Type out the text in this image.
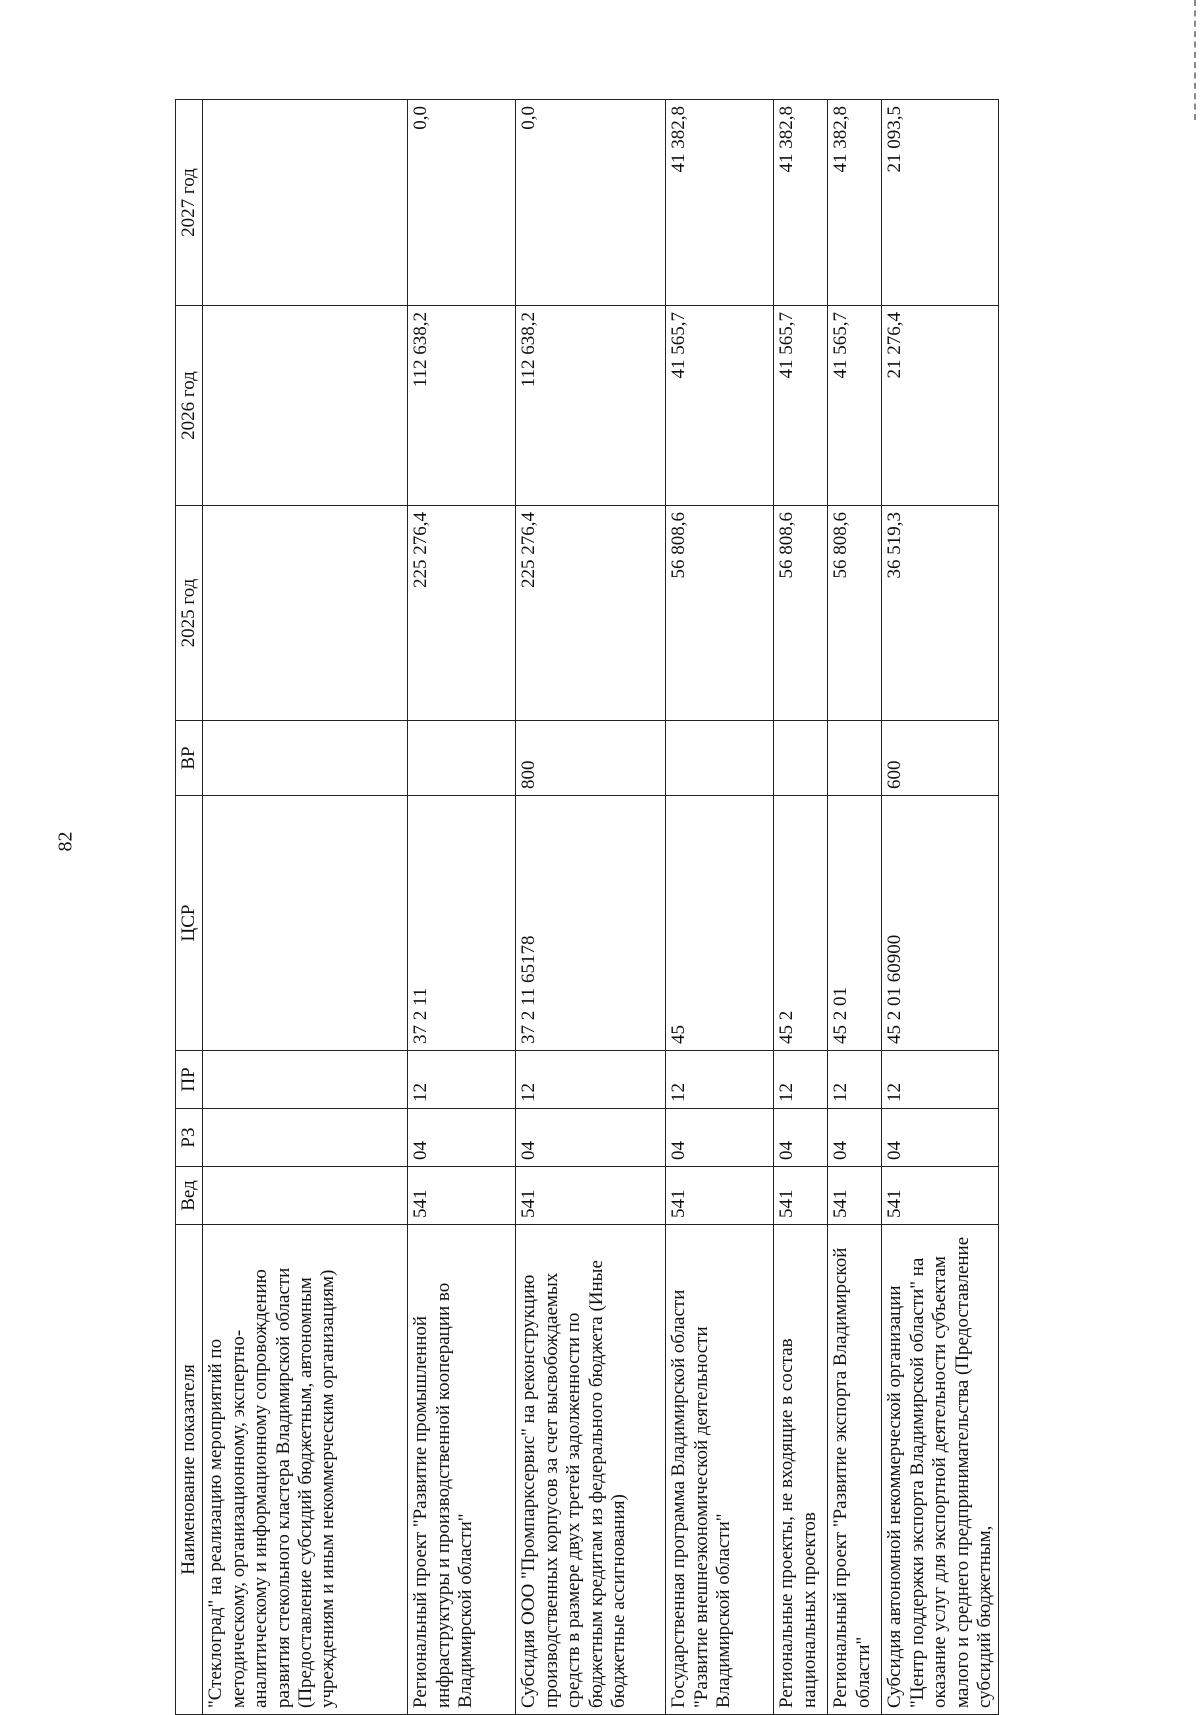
82
Наименование показателя	Вед	РЗ	ПР	ЦСР	ВР	2025 год	2026 год	2027 год
"Стеклоград" на реализацию мероприятий по методическому, организационному, экспертно-аналитическому и информационному сопровождению развития стекольного кластера Владимирской области (Предоставление субсидий бюджетным, автономным учреждениям и иным некоммерческим организациям)								
Региональный проект "Развитие промышленной инфраструктуры и производственной кооперации во Владимирской области"	541	04	12	37 2 11		225 276,4	112 638,2	0,0
Субсидия ООО "Промпарксервис" на реконструкцию производственных корпусов за счет высвобождаемых средств в размере двух третей задолженности по бюджетным кредитам из федерального бюджета (Иные бюджетные ассигнования)	541	04	12	37 2 11 65178	800	225 276,4	112 638,2	0,0
Государственная программа Владимирской области "Развитие внешнеэкономической деятельности Владимирской области"	541	04	12	45		56 808,6	41 565,7	41 382,8
Региональные проекты, не входящие в состав национальных проектов	541	04	12	45 2		56 808,6	41 565,7	41 382,8
Региональный проект "Развитие экспорта Владимирской области"	541	04	12	45 2 01		56 808,6	41 565,7	41 382,8
Субсидия автономной некоммерческой организации "Центр поддержки экспорта Владимирской области" на оказание услуг для экспортной деятельности субъектам малого и среднего предпринимательства (Предоставление субсидий бюджетным,	541	04	12	45 2 01 60900	600	36 519,3	21 276,4	21 093,5
